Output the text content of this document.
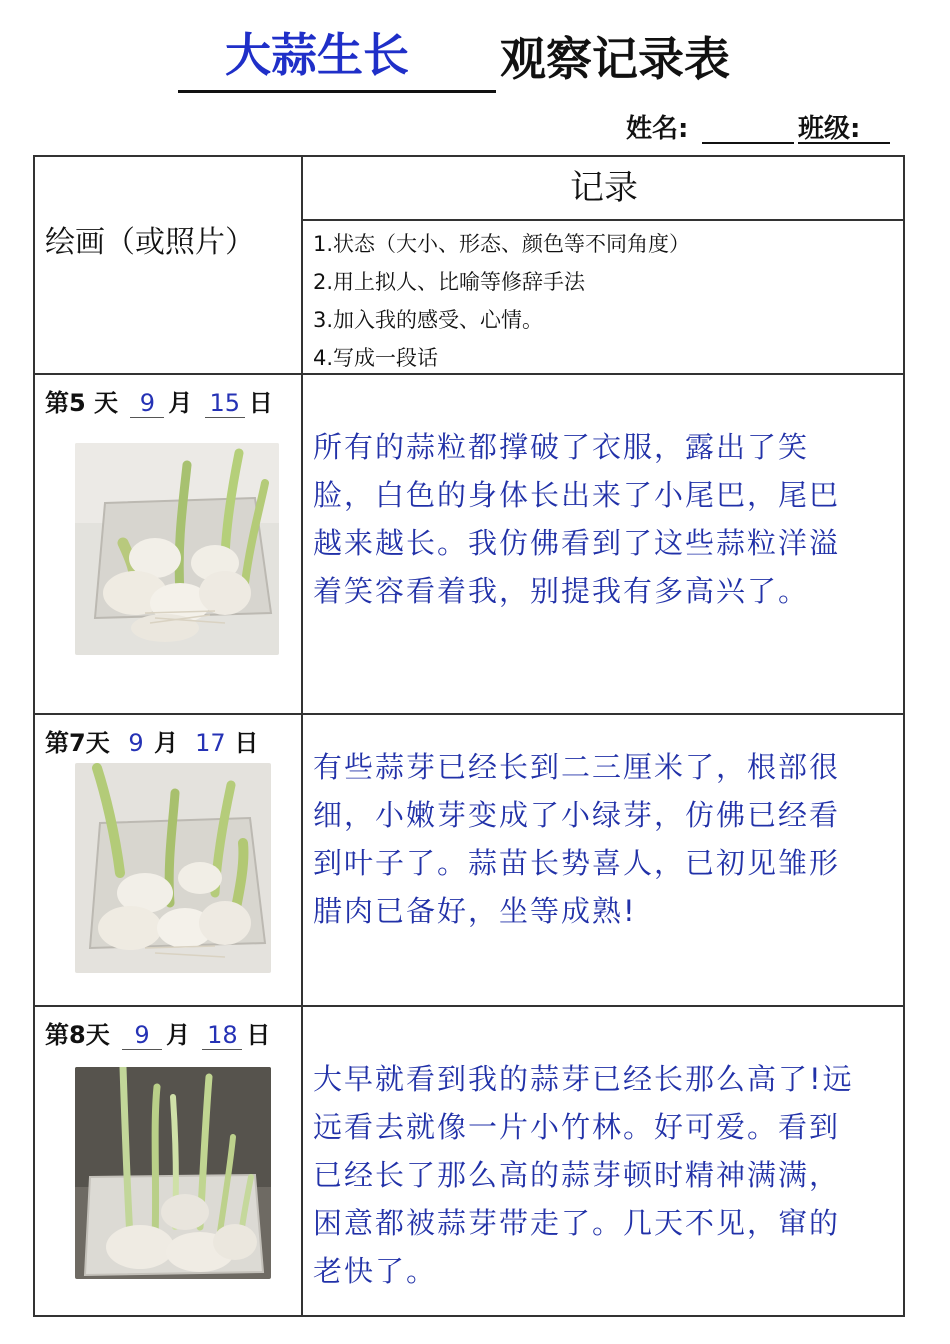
大蒜生长	观察记录表
姓名:	班级:
绘画（或照片）
记录
1.状态（大小、形态、颜色等不同角度）
2.用上拟人、比喻等修辞手法
3.加入我的感受、心情。
4.写成一段话
第5 天 9 月 15 日
所有的蒜粒都撑破了衣服，露出了笑
脸，白色的身体长出来了小尾巴，尾巴
越来越长。我仿佛看到了这些蒜粒洋溢
着笑容看着我，别提我有多高兴了。
第7天 9 月 17 日
有些蒜芽已经长到二三厘米了，根部很
细，小嫩芽变成了小绿芽，仿佛已经看
到叶子了。蒜苗长势喜人，已初见雏形
腊肉已备好，坐等成熟!
第8天 9 月 18 日
大早就看到我的蒜芽已经长那么高了!远
远看去就像一片小竹林。好可爱。看到
已经长了那么高的蒜芽顿时精神满满，
困意都被蒜芽带走了。几天不见，窜的
老快了。
